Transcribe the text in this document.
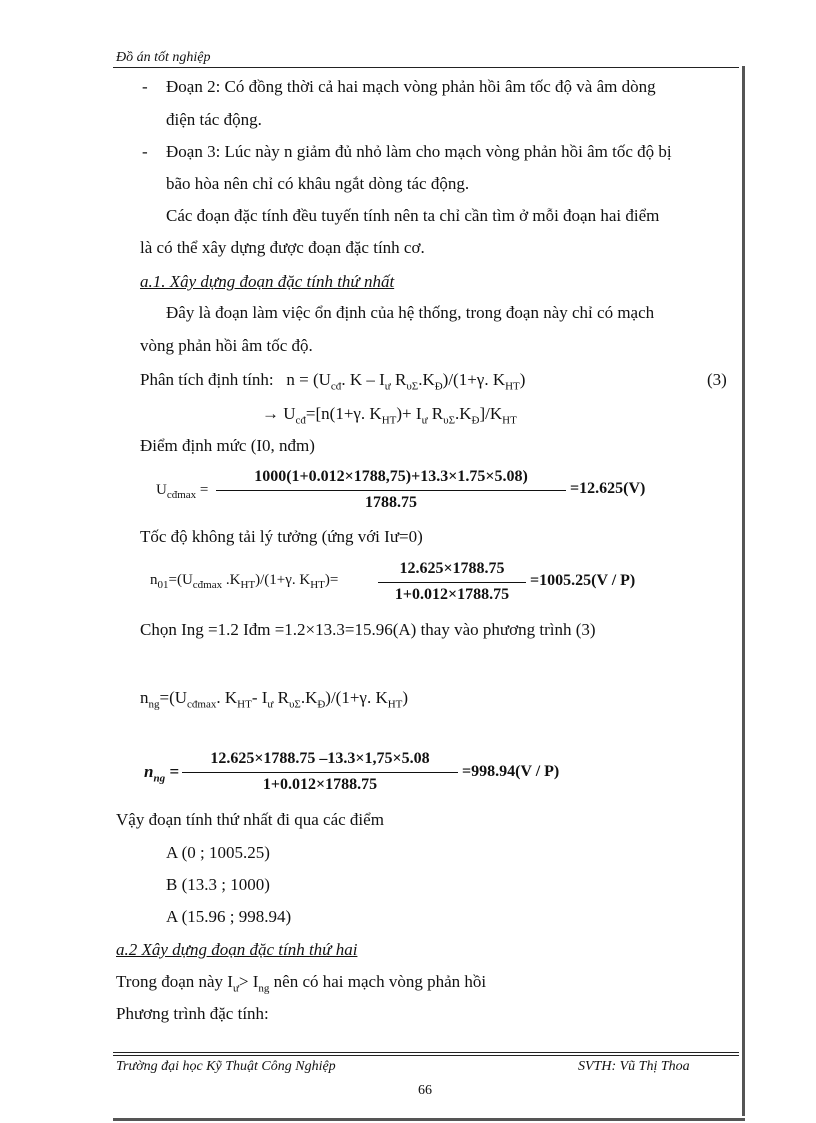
Đồ án tốt nghiệp
- Đoạn 2: Có đồng thời cả hai mạch vòng phản hồi âm tốc độ và âm dòng
điện tác động.
- Đoạn 3: Lúc này n giảm đủ nhỏ làm cho mạch vòng phản hồi âm tốc độ bị
bão hòa nên chỉ có khâu ngắt dòng tác động.
Các đoạn đặc tính đều tuyến tính nên ta chỉ cần tìm ở mỗi đoạn hai điểm
là có thể xây dựng được đoạn đặc tính cơ.
a.1. Xây dựng đoạn đặc tính thứ nhất
Đây là đoạn làm việc ổn định của hệ thống, trong đoạn này chỉ có mạch
vòng phản hồi âm tốc độ.
Phân tích định tính:   $n = (U_{cđ}$. K – $I_ư$ $R_{\upsilon\Sigma}.K_Đ)/(1+\gamma$. $K_{HT}$)	(3)
→ $U_{cđ}=[n(1+\gamma$. $K_{HT})+ I_ư$ $R_{\upsilon\Sigma}.K_Đ]/K_{HT}$
Điểm định mức (I0, nđm)
$U_{cđmax}$ =
1000(1+0.012×1788,75)+13.3×1.75×5.08)
1788.75
=12.625(V)
Tốc độ không tải lý tưởng (ứng với Iư=0)
$n_{01}=(U_{cđmax}$ $.K_{HT})/(1+\gamma$. $K_{HT})=$
12.625×1788.75
1+0.012×1788.75
=1005.25(V / P)
Chọn Ing =1.2 Iđm =1.2×13.3=15.96(A) thay vào phương trình (3)
$n_{ng}=(U_{cđmax}$. $K_{HT}-$ $I_ư$ $R_{\upsilon\Sigma}.K_Đ)/(1+\gamma$. $K_{HT}$)
$n_{ng}$ =
12.625×1788.75 –13.3×1,75×5.08
1+0.012×1788.75
=998.94(V / P)
Vậy đoạn tính thứ nhất đi qua các điểm
A (0 ; 1005.25)
B (13.3 ; 1000)
A (15.96 ; 998.94)
a.2 Xây dựng đoạn đặc tính thứ hai
Trong đoạn này $I_ư> I_{ng}$ nên có hai mạch vòng phản hồi
Phương trình đặc tính:
Trường đại học Kỹ Thuật Công Nghiệp	SVTH: Vũ Thị Thoa
66
